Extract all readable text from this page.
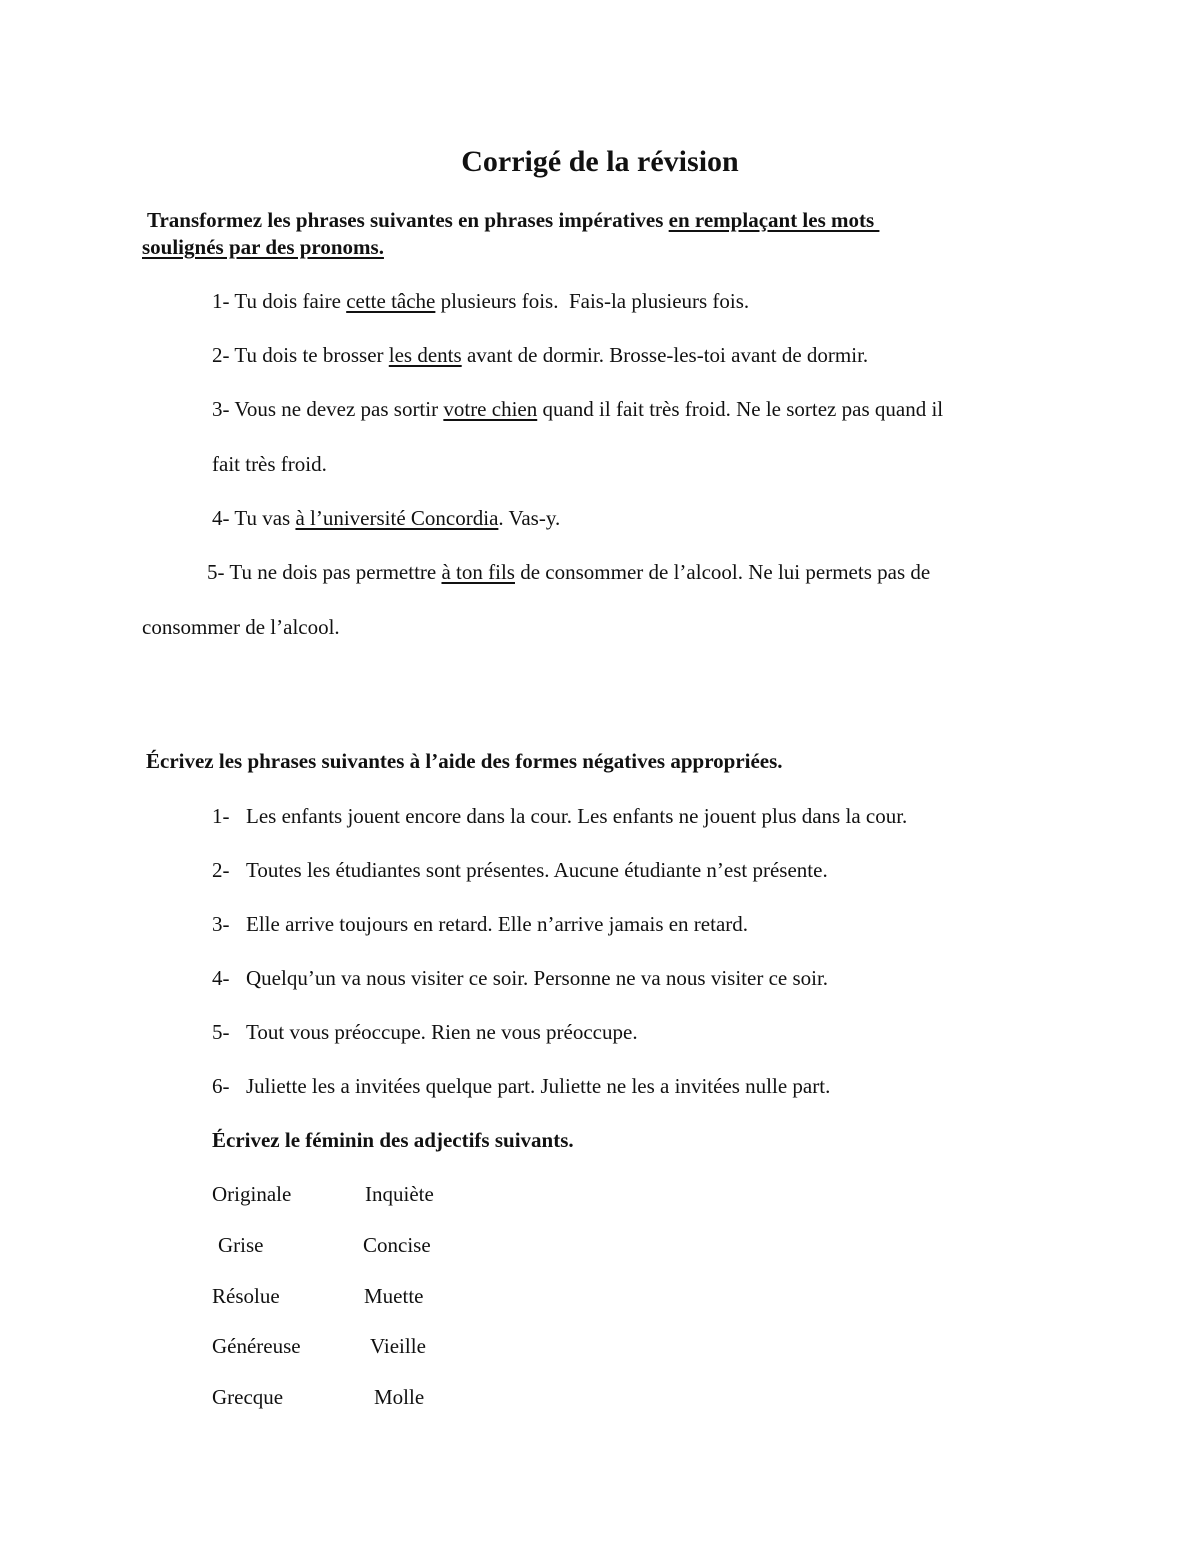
Corrigé de la révision
Transformez les phrases suivantes en phrases impératives en remplaçant les mots
soulignés par des pronoms.
1- Tu dois faire cette tâche plusieurs fois.  Fais-la plusieurs fois.
2- Tu dois te brosser les dents avant de dormir. Brosse-les-toi avant de dormir.
3- Vous ne devez pas sortir votre chien quand il fait très froid. Ne le sortez pas quand il
fait très froid.
4- Tu vas à l’université Concordia. Vas-y.
5- Tu ne dois pas permettre à ton fils de consommer de l’alcool. Ne lui permets pas de
consommer de l’alcool.
Écrivez les phrases suivantes à l’aide des formes négatives appropriées.
1- Les enfants jouent encore dans la cour. Les enfants ne jouent plus dans la cour.
2- Toutes les étudiantes sont présentes. Aucune étudiante n’est présente.
3- Elle arrive toujours en retard. Elle n’arrive jamais en retard.
4- Quelqu’un va nous visiter ce soir. Personne ne va nous visiter ce soir.
5- Tout vous préoccupe. Rien ne vous préoccupe.
6- Juliette les a invitées quelque part. Juliette ne les a invitées nulle part.
Écrivez le féminin des adjectifs suivants.
Originale	Inquiète
Grise	Concise
Résolue	Muette
Généreuse	Vieille
Grecque	Molle
